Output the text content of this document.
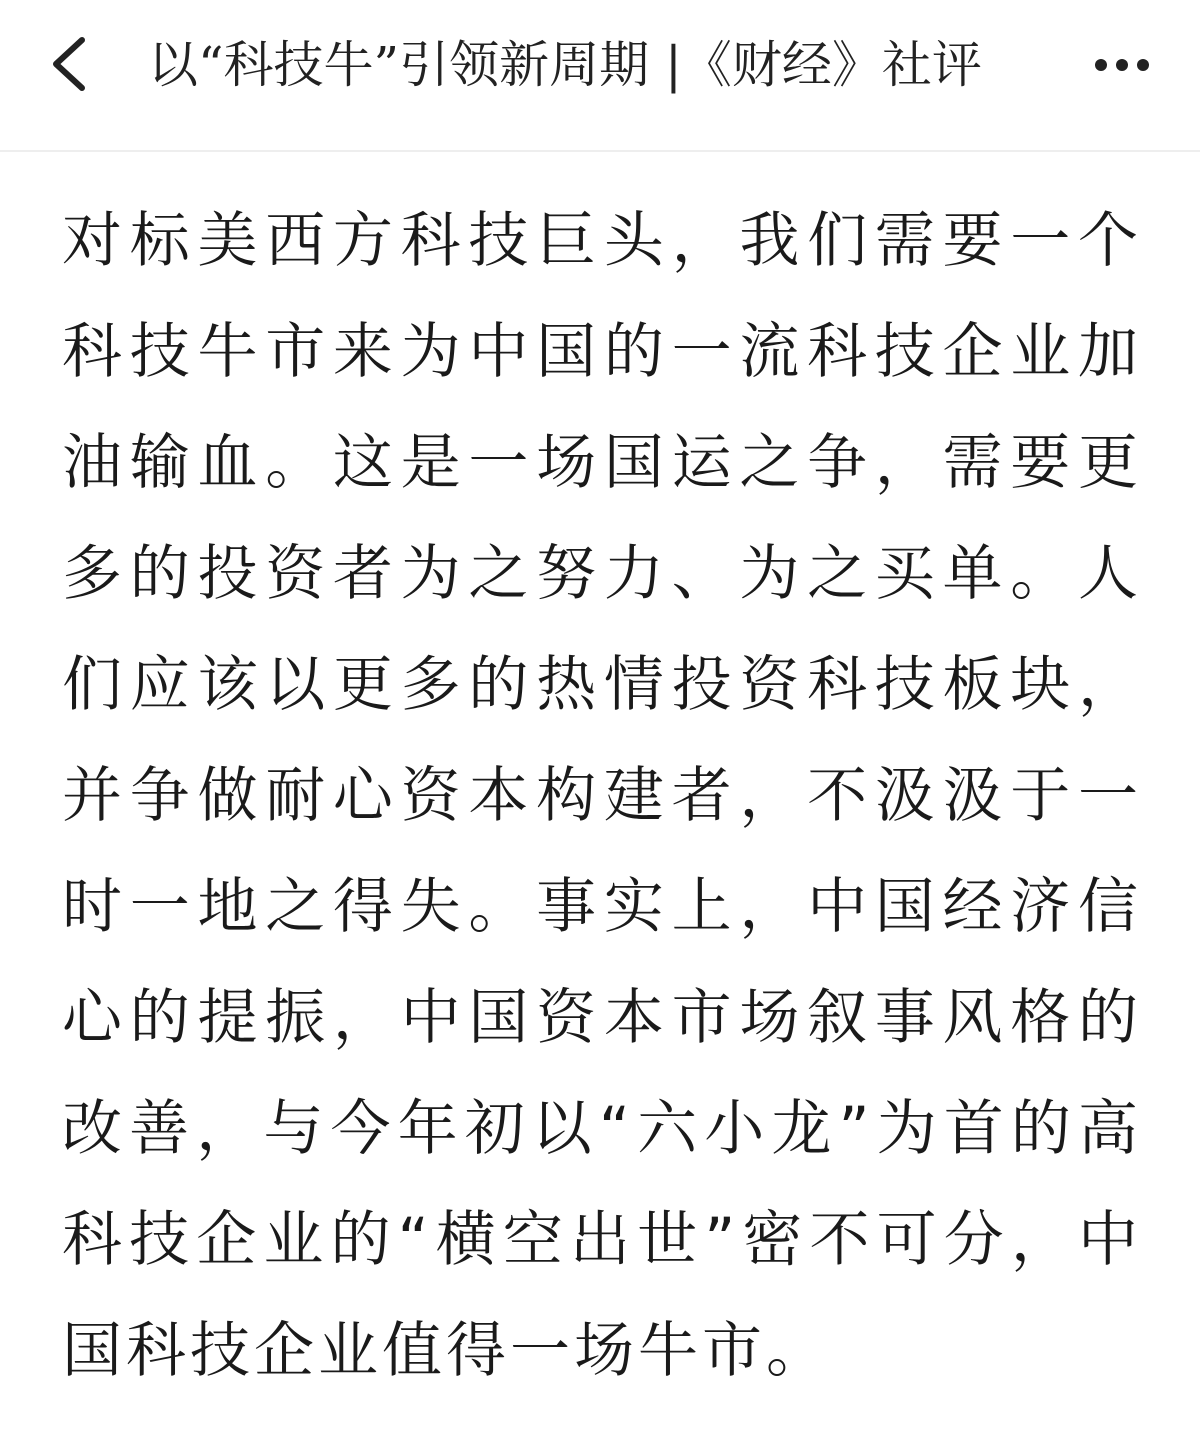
以“科技牛”引领新周期 |《财经》社评

对标美西方科技巨头，我们需要一个科技牛市来为中国的一流科技企业加油输血。这是一场国运之争，需要更多的投资者为之努力、为之买单。人们应该以更多的热情投资科技板块，并争做耐心资本构建者，不汲汲于一时一地之得失。事实上，中国经济信心的提振，中国资本市场叙事风格的改善，与今年初以“六小龙”为首的高科技企业的“横空出世”密不可分，中国科技企业值得一场牛市。
